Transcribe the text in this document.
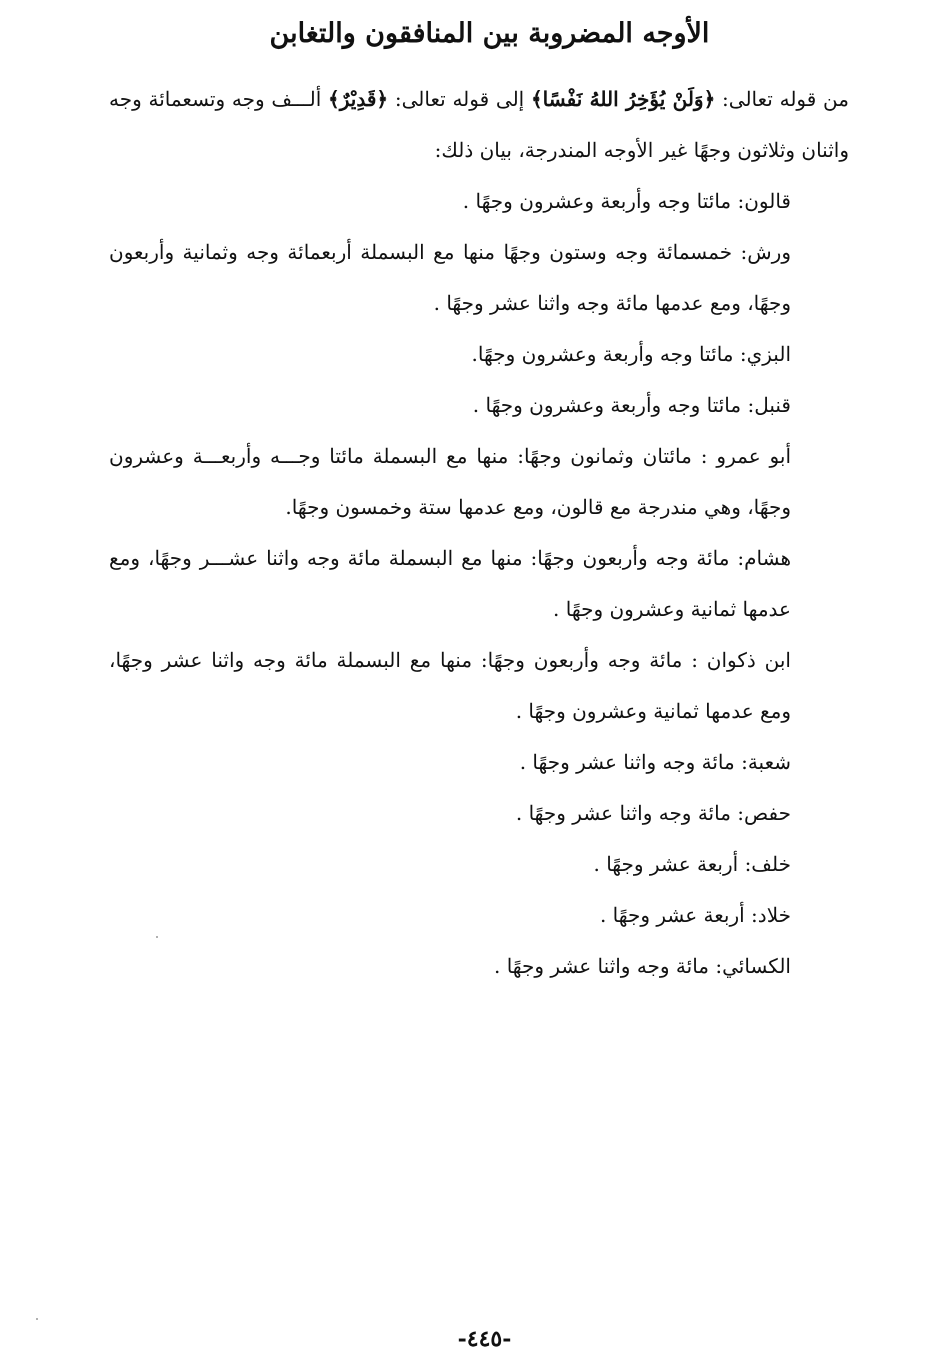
الأوجه المضروبة بين المنافقون والتغابن

من قوله تعالى: ﴿وَلَنْ يُؤَخِرُ اللهُ نَفْسًا﴾ إلى قوله تعالى: ﴿قَدِيْرٌ﴾ ألـــف وجه وتسعمائة وجه واثنان وثلاثون وجهًا غير الأوجه المندرجة، بيان ذلك:

قالون: مائتا وجه وأربعة وعشرون وجهًا .

ورش: خمسمائة وجه وستون وجهًا منها مع البسملة أربعمائة وجه وثمانية وأربعون وجهًا، ومع عدمها مائة وجه واثنا عشر وجهًا .

البزي: مائتا وجه وأربعة وعشرون وجهًا.

قنبل: مائتا وجه وأربعة وعشرون وجهًا .

أبو عمرو : مائتان وثمانون وجهًا: منها مع البسملة مائتا وجـــه وأربعـــة وعشرون وجهًا، وهي مندرجة مع قالون، ومع عدمها ستة وخمسون وجهًا.

هشام: مائة وجه وأربعون وجهًا: منها مع البسملة مائة وجه واثنا عشـــر وجهًا، ومع عدمها ثمانية وعشرون وجهًا .

ابن ذكوان : مائة وجه وأربعون وجهًا: منها مع البسملة مائة وجه واثنا عشر وجهًا، ومع عدمها ثمانية وعشرون وجهًا .

شعبة: مائة وجه واثنا عشر وجهًا .

حفص: مائة وجه واثنا عشر وجهًا .

خلف: أربعة عشر وجهًا .

خلاد: أربعة عشر وجهًا .

الكسائي: مائة وجه واثنا عشر وجهًا .

-٤٤٥-
